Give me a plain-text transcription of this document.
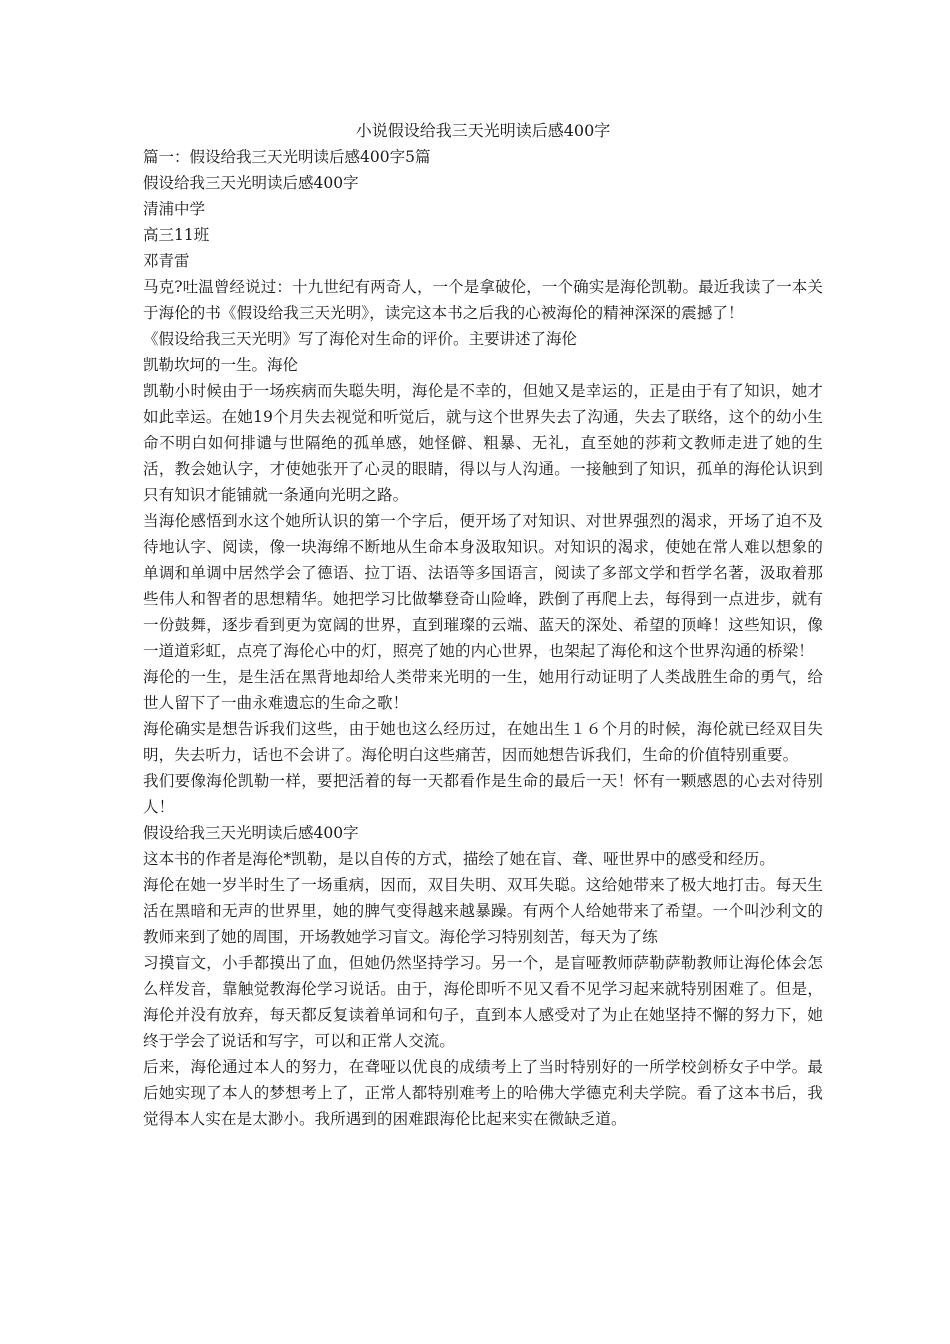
小说假设给我三天光明读后感400字
篇一：假设给我三天光明读后感400字5篇
假设给我三天光明读后感400字
清浦中学
高三11班
邓青雷
马克?吐温曾经说过：十九世纪有两奇人，一个是拿破伦，一个确实是海伦凯勒。最近我读了一本关于海伦的书《假设给我三天光明》，读完这本书之后我的心被海伦的精神深深的震撼了！
《假设给我三天光明》写了海伦对生命的评价。主要讲述了海伦
凯勒坎坷的一生。海伦
凯勒小时候由于一场疾病而失聪失明，海伦是不幸的，但她又是幸运的，正是由于有了知识，她才如此幸运。在她19个月失去视觉和听觉后，就与这个世界失去了沟通，失去了联络，这个的幼小生命不明白如何排谴与世隔绝的孤单感，她怪僻、粗暴、无礼，直至她的莎莉文教师走进了她的生活，教会她认字，才使她张开了心灵的眼睛，得以与人沟通。一接触到了知识，孤单的海伦认识到只有知识才能铺就一条通向光明之路。
当海伦感悟到水这个她所认识的第一个字后，便开场了对知识、对世界强烈的渴求，开场了迫不及待地认字、阅读，像一块海绵不断地从生命本身汲取知识。对知识的渴求，使她在常人难以想象的单调和单调中居然学会了德语、拉丁语、法语等多国语言，阅读了多部文学和哲学名著，汲取着那些伟人和智者的思想精华。她把学习比做攀登奇山险峰，跌倒了再爬上去，每得到一点进步，就有一份鼓舞，逐步看到更为宽阔的世界，直到璀璨的云端、蓝天的深处、希望的顶峰！这些知识，像一道道彩虹，点亮了海伦心中的灯，照亮了她的内心世界，也架起了海伦和这个世界沟通的桥梁！
海伦的一生，是生活在黑背地却给人类带来光明的一生，她用行动证明了人类战胜生命的勇气，给世人留下了一曲永难遗忘的生命之歌！
海伦确实是想告诉我们这些，由于她也这么经历过，在她出生１６个月的时候，海伦就已经双目失明，失去听力，话也不会讲了。海伦明白这些痛苦，因而她想告诉我们，生命的价值特别重要。
我们要像海伦凯勒一样，要把活着的每一天都看作是生命的最后一天！怀有一颗感恩的心去对待别人！
假设给我三天光明读后感400字
这本书的作者是海伦*凯勒，是以自传的方式，描绘了她在盲、聋、哑世界中的感受和经历。
海伦在她一岁半时生了一场重病，因而，双目失明、双耳失聪。这给她带来了极大地打击。每天生活在黑暗和无声的世界里，她的脾气变得越来越暴躁。有两个人给她带来了希望。一个叫沙利文的教师来到了她的周围，开场教她学习盲文。海伦学习特别刻苦，每天为了练
习摸盲文，小手都摸出了血，但她仍然坚持学习。另一个，是盲哑教师萨勒萨勒教师让海伦体会怎么样发音，靠触觉教海伦学习说话。由于，海伦即听不见又看不见学习起来就特别困难了。但是，海伦并没有放弃，每天都反复读着单词和句子，直到本人感受对了为止在她坚持不懈的努力下，她终于学会了说话和写字，可以和正常人交流。
后来，海伦通过本人的努力，在聋哑以优良的成绩考上了当时特别好的一所学校剑桥女子中学。最后她实现了本人的梦想考上了，正常人都特别难考上的哈佛大学德克利夫学院。看了这本书后，我觉得本人实在是太渺小。我所遇到的困难跟海伦比起来实在微缺乏道。
